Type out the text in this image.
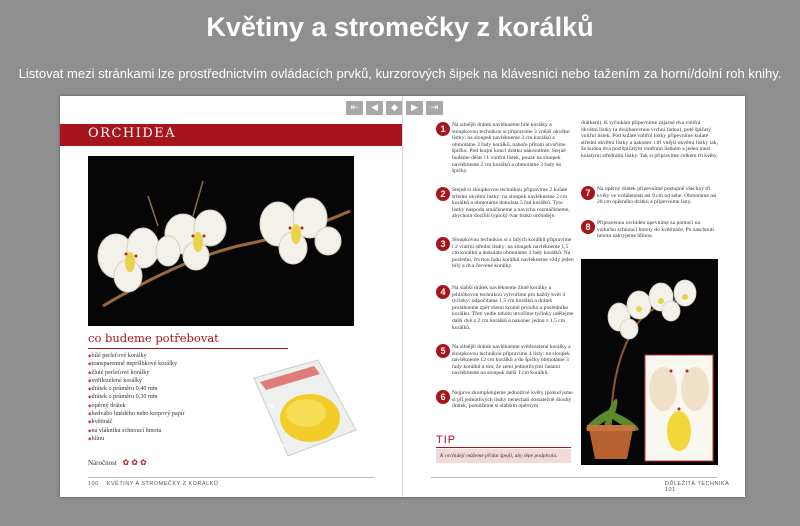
Květiny a stromečky z korálků
Listovat mezi stránkami lze prostřednictvím ovládacích prvků, kurzorových šipek na klávesnici nebo tažením za horní/dolní roh knihy.
⇤	◀	◆	▶	⇥
ORCHIDEA
co budeme potřebovat
◆ bílé perleťové korálky
◆ transparentně nepršlbkové korálky
◆ žluté perleťové korálky
◆ světlezelené korálky
◆ drátek o průměru 0,40 mm
◆ drátek o průměru 0,30 mm
◆ opěrný drátek
◆ hedvábo hnědého nebo krepový papír
◆ květináč
◆ na vlákniku schnoucí hmotu
◆ hlínu
Náročnost ✿ ✿ ✿
100 KVĚTINY A STROMEČKY Z KORÁLKŮ
1	Na silnější drátek navlékneme bílé korálky a sloupkovou technikou si připravíme 3 vnější okvětní lístky: na sloupek navlékneme 3 cm korálků a obmotáme 3 řady korálků, nahoře přitom utvoříme špičku. Pod krajní konci drátku nakroutíme. Stejně budeme dělat i 1 vnitřní lístek, pouze na sloupek navlékneme 2 cm korálků a obmotáme 3 řady do špičky.
2	Stejně si sloupkovou technikou připravíme 2 kulaté střední okvětní lístky: na sloupek navlékneme 2 cm korálků a obmotáme dokulata 5 řad korálků. Tyto lístky naspodu smáčkneme a navrchu rozmáčkneme, abychom docílili typický tvar lístků orchideje.
3	Sloupkovou technikou si z bílých korálků připravíme i 2 vnitřní střední lístky: na sloupek navlékneme 1,5 cm korálků a dokulata obmotáme 3 řady korálků. Na posledni, čtvrtou řadu korálků navlékneme vždy jeden bílý a dva červené korálky.
4	Na slabší drátek navlékneme žluté korálky a jehlíčkovou technikou vytvoříme pro každý květ 4 tyčinky: odpočítáme 1,5 cm korálků a drátek protáhneme zpět všemi kromě prvního a posledního korálku. Třetí vedle tohoto utvoříme tyčinky udělejme další dvě z 2 cm korálků a nakonec jednu z 1,5 cm korálků.
5	Na silnější drátek navlékneme světlezelené korálky a sloupkovou technikou připravíme 4 listy: na sloupek navlékneme 12 cm korálků a do špičky obmotáme 3 řady korálků a tím, že zemi jednotlivými řadami navlékneme na sloupek další 1 cm korálků.
6	Nejprve zkompletujeme jednotlivé květy (pokud jsme si při jednotlivých lístky nenechali dostatečně dlouhý drátek, pomůžeme si slabším opěrným
TIP
K orchideji můžeme přidat špejli, aby lépe podpírala.
drátkem). K tyčinkám připevníme zajarné dva vnitřní okvětní lístky (a dvojbarevnou vrchní řadou), poté špičatý vnitřní lístek. Pod kulaté vnitřní lístky připevníme kulaté střední okvětní lístky a nakonec i tři vnější okvětní lístky tak, že budou dva pod špičatým vnitřním lístkem a jeden mezi kulatými středními lístky. Tak si připravíme celkem tři květy.
7	Na opěrný drátek připevníme postupně všechny tři květy ve vzdálenosti asi 9 cm od sebe. Obmotáme asi 20 cm opěrného drátku a připevníme listy.
8	Připravenou orchideu upevníme za pomoci na vzduchu schnoucí hmoty do květináče. Po zaschnutí hmotu zakryjeme hlínou.
DŮLEŽITÁ TECHNIKA    101
